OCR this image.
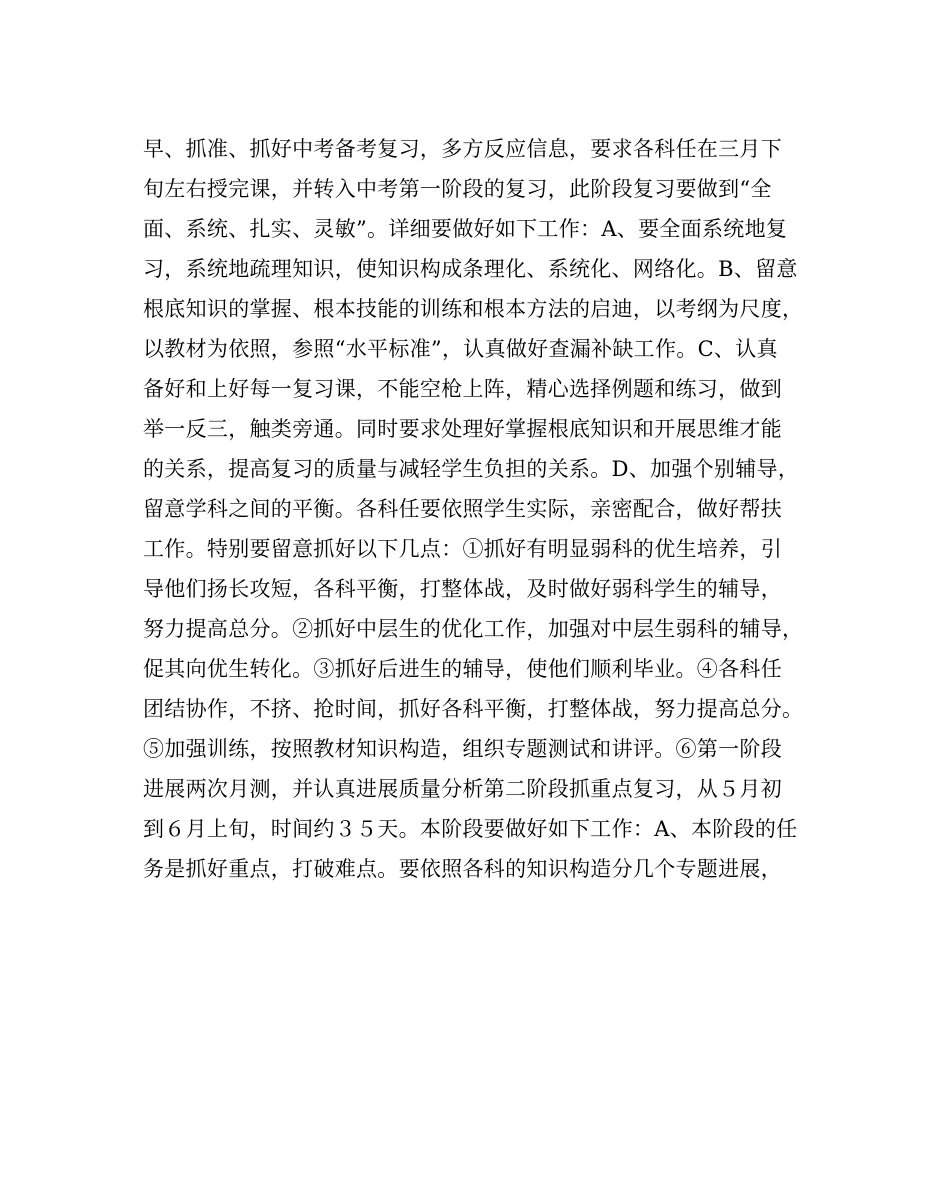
早、抓准、抓好中考备考复习，多方反应信息，要求各科任在三月下
旬左右授完课，并转入中考第一阶段的复习，此阶段复习要做到“全
面、系统、扎实、灵敏”。详细要做好如下工作：A、要全面系统地复
习，系统地疏理知识，使知识构成条理化、系统化、网络化。B、留意
根底知识的掌握、根本技能的训练和根本方法的启迪，以考纲为尺度，
以教材为依照，参照“水平标准”，认真做好查漏补缺工作。C、认真
备好和上好每一复习课，不能空枪上阵，精心选择例题和练习，做到
举一反三，触类旁通。同时要求处理好掌握根底知识和开展思维才能
的关系，提高复习的质量与减轻学生负担的关系。D、加强个别辅导，
留意学科之间的平衡。各科任要依照学生实际，亲密配合，做好帮扶
工作。特别要留意抓好以下几点：①抓好有明显弱科的优生培养，引
导他们扬长攻短，各科平衡，打整体战，及时做好弱科学生的辅导，
努力提高总分。②抓好中层生的优化工作，加强对中层生弱科的辅导，
促其向优生转化。③抓好后进生的辅导，使他们顺利毕业。④各科任
团结协作，不挤、抢时间，抓好各科平衡，打整体战，努力提高总分。
⑤加强训练，按照教材知识构造，组织专题测试和讲评。⑥第一阶段
进展两次月测，并认真进展质量分析第二阶段抓重点复习，从５月初
到６月上旬，时间约３５天。本阶段要做好如下工作：A、本阶段的任
务是抓好重点，打破难点。要依照各科的知识构造分几个专题进展，
